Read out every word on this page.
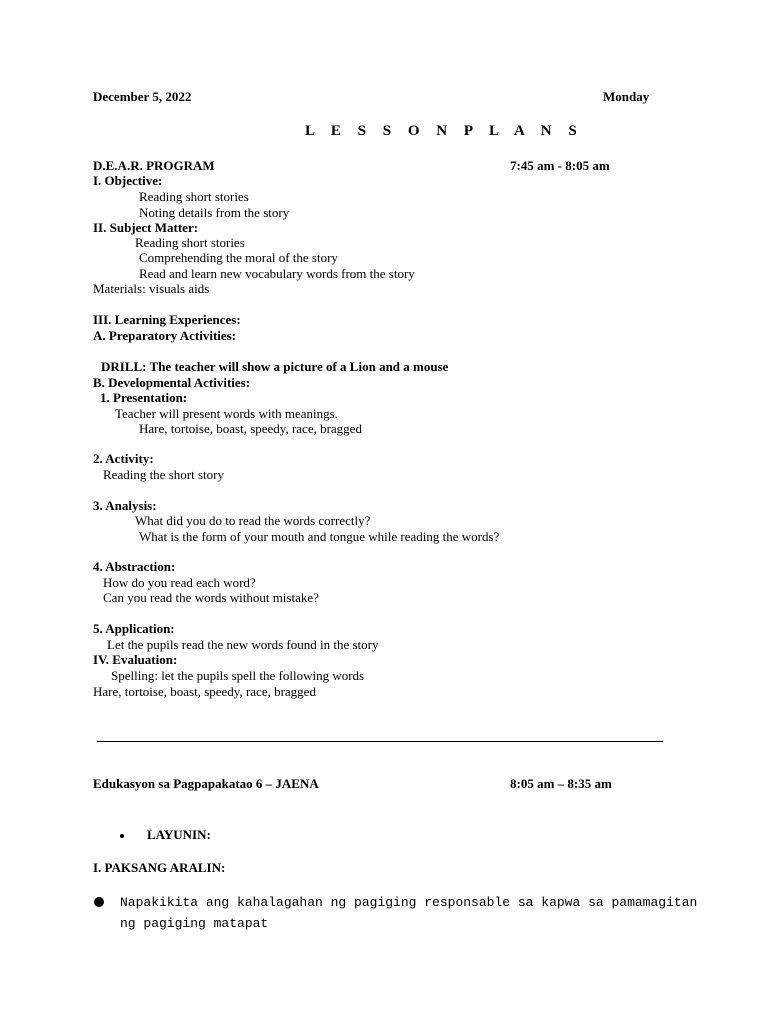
December 5, 2022	Monday
L E S S O N P L A N S
D.E.A.R. PROGRAM	7:45 am - 8:05 am
I. Objective:
Reading short stories
Noting details from the story
II. Subject Matter:
Reading short stories
Comprehending the moral of the story
Read and learn new vocabulary words from the story
Materials: visuals aids
III. Learning Experiences:
A. Preparatory Activities:
DRILL: The teacher will show a picture of a Lion and a mouse
B. Developmental Activities:
1. Presentation:
Teacher will present words with meanings.
Hare, tortoise, boast, speedy, race, bragged
2. Activity:
Reading the short story
3. Analysis:
What did you do to read the words correctly?
What is the form of your mouth and tongue while reading the words?
4. Abstraction:
How do you read each word?
Can you read the words without mistake?
5. Application:
Let the pupils read the new words found in the story
IV. Evaluation:
Spelling: let the pupils spell the following words
Hare, tortoise, boast, speedy, race, bragged
Edukasyon sa Pagpapakatao 6 – JAENA	8:05 am – 8:35 am
LAYUNIN:
I. PAKSANG ARALIN:
Napakikita ang kahalagahan ng pagiging responsable sa kapwa sa pamamagitan
ng pagiging matapat
